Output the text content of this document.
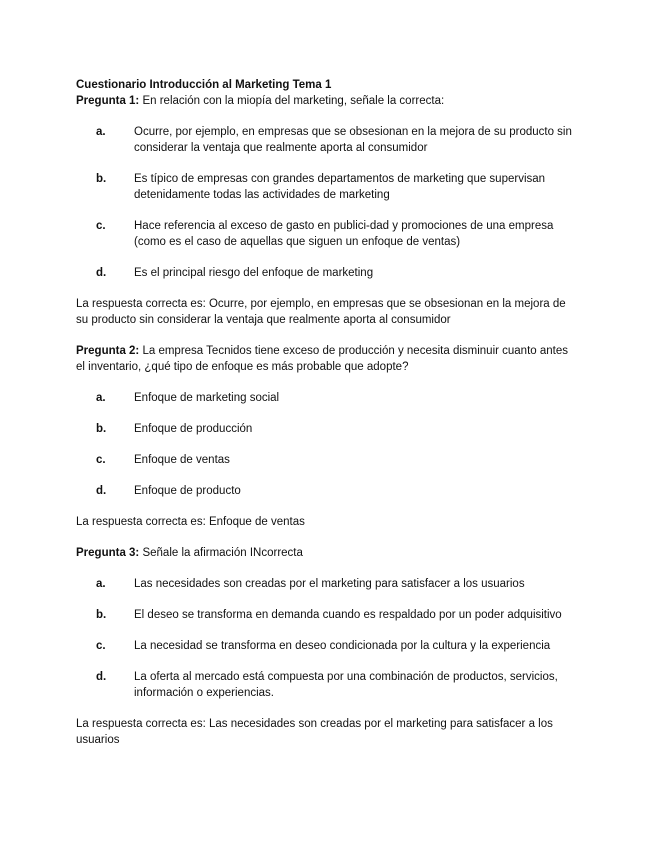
Cuestionario Introducción al Marketing Tema 1

Pregunta 1: En relación con la miopía del marketing, señale la correcta:

a.	Ocurre, por ejemplo, en empresas que se obsesionan en la mejora de su producto sin considerar la ventaja que realmente aporta al consumidor
b.	Es típico de empresas con grandes departamentos de marketing que supervisan detenidamente todas las actividades de marketing
c.	Hace referencia al exceso de gasto en publici-dad y promociones de una empresa (como es el caso de aquellas que siguen un enfoque de ventas)
d.	Es el principal riesgo del enfoque de marketing

La respuesta correcta es: Ocurre, por ejemplo, en empresas que se obsesionan en la mejora de su producto sin considerar la ventaja que realmente aporta al consumidor

Pregunta 2: La empresa Tecnidos tiene exceso de producción y necesita disminuir cuanto antes el inventario, ¿qué tipo de enfoque es más probable que adopte?

a.	Enfoque de marketing social
b.	Enfoque de producción
c.	Enfoque de ventas
d.	Enfoque de producto

La respuesta correcta es: Enfoque de ventas

Pregunta 3: Señale la afirmación INcorrecta

a.	Las necesidades son creadas por el marketing para satisfacer a los usuarios
b.	El deseo se transforma en demanda cuando es respaldado por un poder adquisitivo
c.	La necesidad se transforma en deseo condicionada por la cultura y la experiencia
d.	La oferta al mercado está compuesta por una combinación de productos, servicios, información o experiencias.

La respuesta correcta es: Las necesidades son creadas por el marketing para satisfacer a los usuarios
